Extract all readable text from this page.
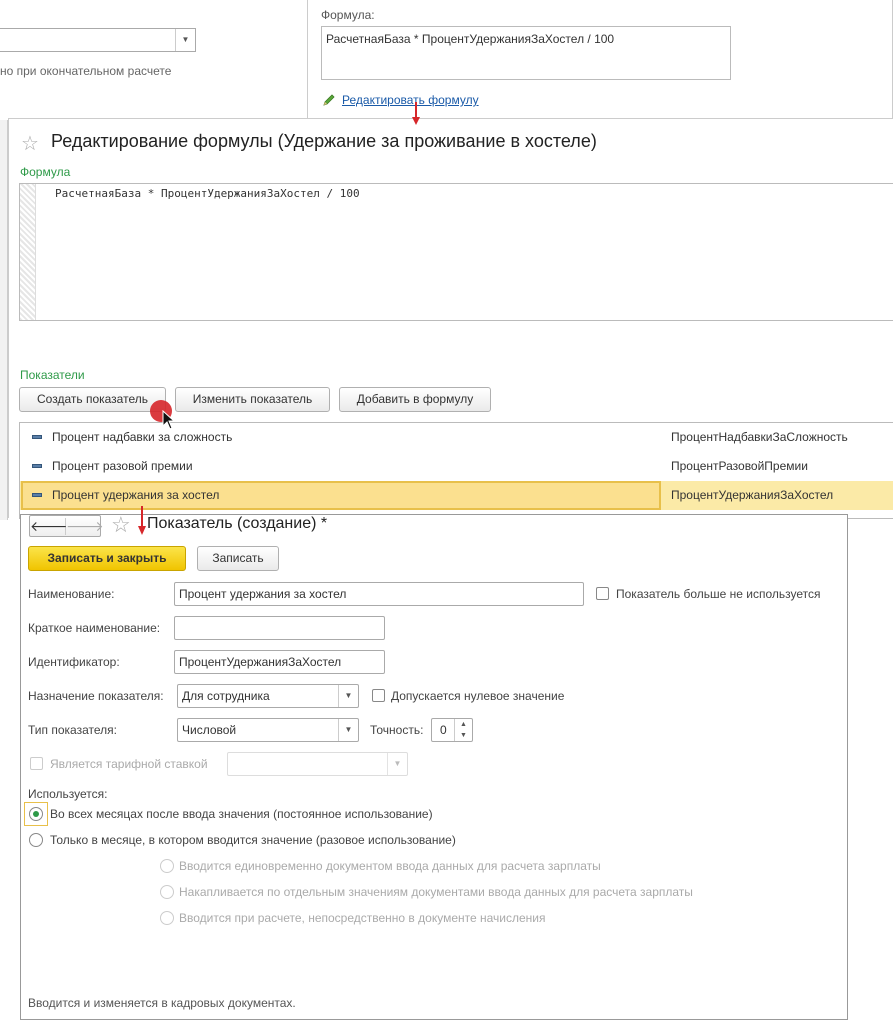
▼
но при окончательном расчете
Формула:
РасчетнаяБаза * ПроцентУдержанияЗаХостел / 100
Редактировать формулу
☆ Редактирование формулы (Удержание за проживание в хостеле)
Формула
РасчетнаяБаза * ПроцентУдержанияЗаХостел / 100
Показатели
Создать показатель	Изменить показатель	Добавить в формулу
Процент надбавки за сложность	ПроцентНадбавкиЗаСложность
Процент разовой премии	ПроцентРазовойПремии
Процент удержания за хостел	ПроцентУдержанияЗаХостел
🡐
🡒 ☆ Показатель (создание) *
Записать и закрыть	Записать
Наименование:	Процент удержания за хостел	Показатель больше не используется
Краткое наименование:
Идентификатор:	ПроцентУдержанияЗаХостел
Назначение показателя:	Для сотрудника	▼	Допускается нулевое значение
Тип показателя:	Числовой	▼	Точность: 0	▲
▼
Является тарифной ставкой	▼
Используется:
Во всех месяцах после ввода значения (постоянное использование)
Только в месяце, в котором вводится значение (разовое использование)
Вводится единовременно документом ввода данных для расчета зарплаты
Накапливается по отдельным значениям документами ввода данных для расчета зарплаты
Вводится при расчете, непосредственно в документе начисления
Вводится и изменяется в кадровых документах.
